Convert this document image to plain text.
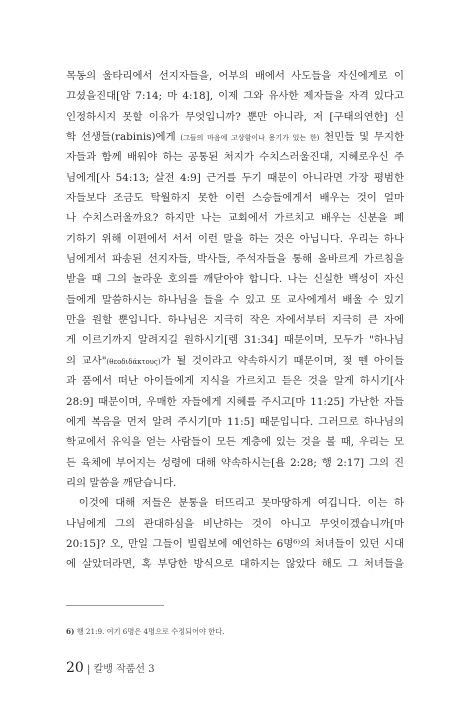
목동의 울타리에서 선지자들을, 어부의 배에서 사도들을 자신에게로 이
끄셨을진대[암 7:14; 마 4:18], 이제 그와 유사한 제자들을 자격 있다고
인정하시지 못할 이유가 무엇입니까? 뿐만 아니라, 저 [구태의연한] 신
학 선생들(rabinis)에게 (그들의 마음에 고상함이나 용기가 있는 한) 천민들 및 무지한
자들과 함께 배워야 하는 공통된 처지가 수치스러울진대, 지혜로우신 주
님에게[사 54:13; 살전 4:9] 근거를 두기 때문이 아니라면 가장 평범한
자들보다 조금도 탁월하지 못한 이런 스승들에게서 배우는 것이 얼마
나 수치스러울까요? 하지만 나는 교회에서 가르치고 배우는 신분을 폐
기하기 위해 이편에서 서서 이런 말을 하는 것은 아닙니다. 우리는 하나
님에게서 파송된 선지자들, 박사들, 주석자들을 통해 올바르게 가르침을
받을 때 그의 놀라운 호의를 깨닫아야 합니다. 나는 신실한 백성이 자신
들에게 말씀하시는 하나님을 들을 수 있고 또 교사에게서 배울 수 있기
만을 원할 뿐입니다. 하나님은 지극히 작은 자에서부터 지극히 큰 자에
게 이르기까지 알려지길 원하시기[렘 31:34] 때문이며, 모두가 "하나님
의 교사"(θεοδιδάκτους)가 될 것이라고 약속하시기 때문이며, 젖 뗀 아이들
과 품에서 떠난 아이들에게 지식을 가르치고 듣은 것을 알게 하시기[사
28:9] 때문이며, 우매한 자들에게 지혜를 주시고[마 11:25] 가난한 자들
에게 복음을 먼저 알려 주시기[마 11:5] 때문입니다. 그러므로 하나님의
학교에서 유익을 얻는 사람들이 모든 계층에 있는 것을 볼 때, 우리는 모
든 육체에 부어지는 성령에 대해 약속하시는[욜 2:28; 행 2:17] 그의 진
리의 말씀을 깨닫습니다.
이것에 대해 저들은 분통을 터뜨리고 못마땅하게 여깁니다. 이는 하
나님에게 그의 관대하심을 비난하는 것이 아니고 무엇이겠습니까[마
20:15]? 오, 만일 그들이 빌립보에 예언하는 6명⁶⁾의 처녀들이 있던 시대
에 살았더라면, 혹 부당한 방식으로 대하지는 않았다 해도 그 처녀들을
6) 행 21:9. 여기 6명은 4명으로 수정되어야 한다.
20 | 칼뱅 작품선 3
